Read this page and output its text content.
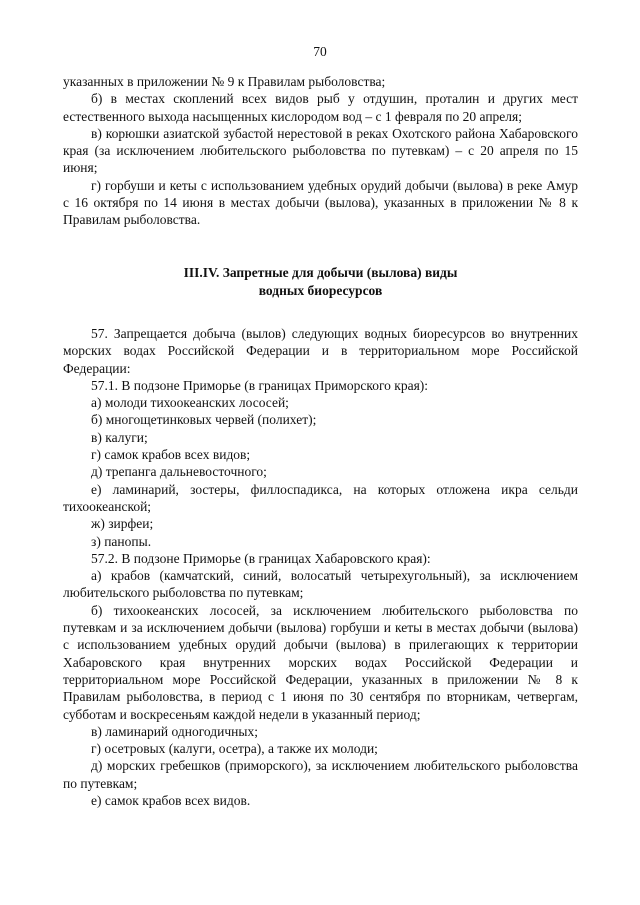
70

указанных в приложении № 9 к Правилам рыболовства;

б) в местах скоплений всех видов рыб у отдушин, проталин и других мест естественного выхода насыщенных кислородом вод – с 1 февраля по 20 апреля;

в) корюшки азиатской зубастой нерестовой в реках Охотского района Хабаровского края (за исключением любительского рыболовства по путевкам) – с 20 апреля по 15 июня;

г) горбуши и кеты с использованием удебных орудий добычи (вылова) в реке Амур с 16 октября по 14 июня в местах добычи (вылова), указанных в приложении № 8 к Правилам рыболовства.

III.IV. Запретные для добычи (вылова) виды
водных биоресурсов

57. Запрещается добыча (вылов) следующих водных биоресурсов во внутренних морских водах Российской Федерации и в территориальном море Российской Федерации:

57.1. В подзоне Приморье (в границах Приморского края):

а) молоди тихоокеанских лососей;

б) многощетинковых червей (полихет);

в) калуги;

г) самок крабов всех видов;

д) трепанга дальневосточного;

е) ламинарий, зостеры, филлоспадикса, на которых отложена икра сельди тихоокеанской;

ж) зирфеи;

з) панопы.

57.2. В подзоне Приморье (в границах Хабаровского края):

а) крабов (камчатский, синий, волосатый четырехугольный), за исключением любительского рыболовства по путевкам;

б) тихоокеанских лососей, за исключением любительского рыболовства по путевкам и за исключением добычи (вылова) горбуши и кеты в местах добычи (вылова) с использованием удебных орудий добычи (вылова) в прилегающих к территории Хабаровского края внутренних морских водах Российской Федерации и территориальном море Российской Федерации, указанных в приложении № 8 к Правилам рыболовства, в период с 1 июня по 30 сентября по вторникам, четвергам, субботам и воскресеньям каждой недели в указанный период;

в) ламинарий одногодичных;

г) осетровых (калуги, осетра), а также их молоди;

д) морских гребешков (приморского), за исключением любительского рыболовства по путевкам;

е) самок крабов всех видов.
